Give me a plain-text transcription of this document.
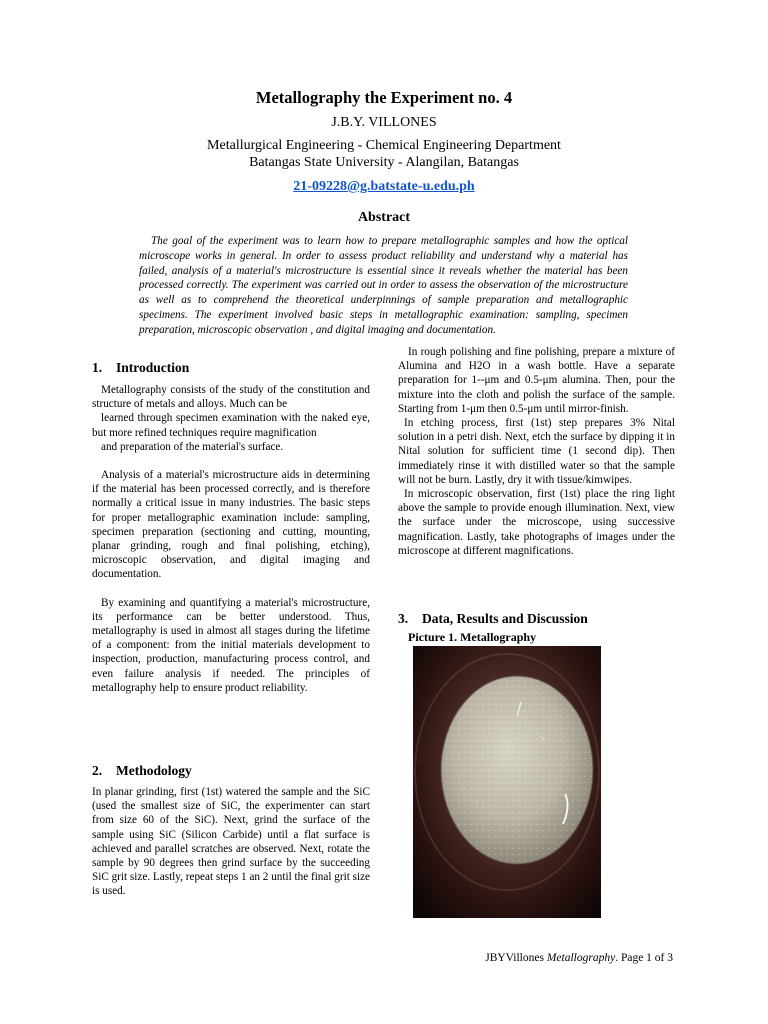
Metallography the Experiment no. 4
J.B.Y. VILLONES
Metallurgical Engineering - Chemical Engineering Department
Batangas State University - Alangilan, Batangas
21-09228@g.batstate-u.edu.ph
Abstract
The goal of the experiment was to learn how to prepare metallographic samples and how the optical microscope works in general. In order to assess product reliability and understand why a material has failed, analysis of a material's microstructure is essential since it reveals whether the material has been processed correctly. The experiment was carried out in order to assess the observation of the microstructure as well as to comprehend the theoretical underpinnings of sample preparation and metallographic specimens. The experiment involved basic steps in metallographic examination: sampling, specimen preparation, microscopic observation , and digital imaging and documentation.
1. Introduction

Metallography consists of the study of the constitution and structure of metals and alloys. Much can be

learned through specimen examination with the naked eye, but more refined techniques require magnification

and preparation of the material's surface.

Analysis of a material's microstructure aids in determining if the material has been processed correctly, and is therefore normally a critical issue in many industries. The basic steps for proper metallographic examination include: sampling, specimen preparation (sectioning and cutting, mounting, planar grinding, rough and final polishing, etching), microscopic observation, and digital imaging and documentation.

By examining and quantifying a material's microstructure, its performance can be better understood. Thus, metallography is used in almost all stages during the lifetime of a component: from the initial materials development to inspection, production, manufacturing process control, and even failure analysis if needed. The principles of metallography help to ensure product reliability.

2. Methodology

In planar grinding, first (1st) watered the sample and the SiC (used the smallest size of SiC, the experimenter can start from size 60 of the SiC). Next, grind the surface of the sample using SiC (Silicon Carbide) until a flat surface is achieved and parallel scratches are observed. Next, rotate the sample by 90 degrees then grind surface by the succeeding SiC grit size. Lastly, repeat steps 1 an 2 until the final grit size is used.

In rough polishing and fine polishing, prepare a mixture of Alumina and H2O in a wash bottle. Have a separate preparation for 1--μm and 0.5-μm alumina. Then, pour the mixture into the cloth and polish the surface of the sample. Starting from 1-μm then 0.5-μm until mirror-finish.

In etching process, first (1st) step prepares 3% Nital solution in a petri dish. Next, etch the surface by dipping it in Nital solution for sufficient time (1 second dip). Then immediately rinse it with distilled water so that the sample will not be burn. Lastly, dry it with tissue/kimwipes.

In microscopic observation, first (1st) place the ring light above the sample to provide enough illumination. Next, view the surface under the microscope, using successive magnification. Lastly, take photographs of images under the microscope at different magnifications.

3. Data, Results and Discussion
Picture 1. Metallography
JBYVillones Metallography. Page 1 of 3
